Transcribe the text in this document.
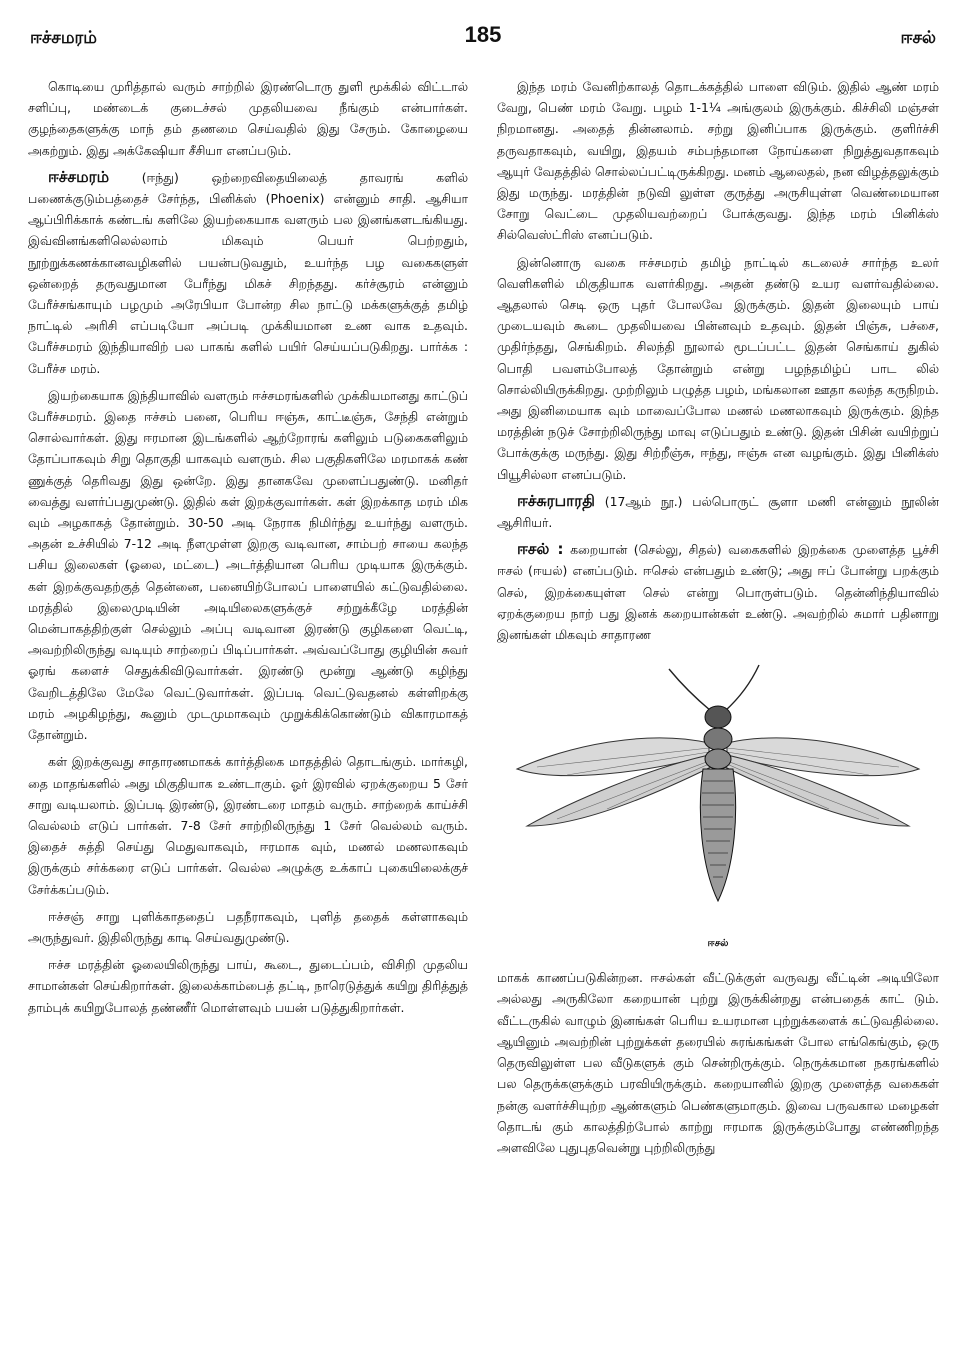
ஈச்சமரம்	185	ஈசல்

கொடியை முரித்தால் வரும் சாற்றில் இரண்டொரு துளி மூக்கில் விட்டால் சளிப்பு, மண்டைக் குடைச்சல் முதலியவை நீங்கும் என்பார்கள். குழந்தைகளுக்கு மாந் தம் தணமை செய்வதில் இது சேரும். கோழையை அகற்றும். இது அக்கேஷியா சீசியா எனப்படும்.

ஈச்சமரம் (ஈந்து) ஒற்றைவிதையிலைத் தாவரங் களில் பணைக்குடும்பத்தைச் சேர்ந்த, பினிக்ஸ் (Phoenix) என்னும் சாதி. ஆசியா ஆப்பிரிக்காக் கண்டங் களிலே இயற்கையாக வளரும் பல இனங்களடங்கியது. இவ்வினங்களிலெல்லாம் மிகவும் பெயர் பெற்றதும், நூற்றுக்கணக்கானவழிகளில் பயன்படுவதும், உயர்ந்த பழ வகைகளுள் ஒன்றைத் தருவதுமான பேரீந்து மிகச் சிறந்தது. கர்ச்சூரம் என்னும் பேரீச்சங்காயும் பழமும் அரேபியா போன்ற சில நாட்டு மக்களுக்குத் தமிழ் நாட்டில் அரிசி எப்படியோ அப்படி முக்கியமான உண வாக உதவும். பேரீச்சமரம் இந்தியாவிற் பல பாகங் களில் பயிர் செய்யப்படுகிறது. பார்க்க : பேரீச்ச மரம்.

இயற்கையாக இந்தியாவில் வளரும் ஈச்சமரங்களில் முக்கியமானது காட்டுப் பேரீச்சமரம். இதை ஈச்சம் பனை, பெரிய ஈஞ்சு, காட்டீஞ்சு, சேந்தி என்றும் சொல்வார்கள். இது ஈரமான இடங்களில் ஆற்றோரங் களிலும் படுகைகளிலும் தோப்பாகவும் சிறு தொகுதி யாகவும் வளரும். சில பகுதிகளிலே மரமாகக் கண் ணுக்குத் தெரிவது இது ஒன்றே. இது தானகவே முளைப்பதுண்டு. மனிதர் வைத்து வளர்ப்பதுமுண்டு. இதில் கள் இறக்குவார்கள். கள் இறக்காத மரம் மிக வும் அழகாகத் தோன்றும். 30-50 அடி நேராக நிமிர்ந்து உயர்ந்து வளரும். அதன் உச்சியில் 7-12 அடி நீளமுள்ள இறகு வடிவான, சாம்பற் சாயை கலந்த பசிய இலைகள் (ஓலை, மட்டை) அடர்த்தியான பெரிய முடியாக இருக்கும். கள் இறக்குவதற்குத் தென்னை, பனையிற்போலப் பாளையில் கட்டுவதில்லை. மரத்தில் இலைமுடியின் அடியிலைகளுக்குச் சற்றுக்கீழே மரத்தின் மென்பாகத்திற்குள் செல்லும் அப்பு வடிவான இரண்டு குழிகளை வெட்டி, அவற்றிலிருந்து வடியும் சாற்றைப் பிடிப்பார்கள். அவ்வப்போது குழியின் சுவர் ஓரங் களைச் செதுக்கிவிடுவார்கள். இரண்டு மூன்று ஆண்டு கழிந்து வேறிடத்திலே மேலே வெட்டுவார்கள். இப்படி வெட்டுவதனல் கள்ளிறக்கு மரம் அழகிழந்து, கூனும் முடமுமாகவும் முறுக்கிக்கொண்டும் விகாரமாகத் தோன்றும்.

கள் இறக்குவது சாதாரணமாகக் கார்த்திகை மாதத்தில் தொடங்கும். மார்கழி, தை மாதங்களில் அது மிகுதியாக உண்டாகும். ஓர் இரவில் ஏறக்குறைய 5 சேர் சாறு வடியலாம். இப்படி இரண்டு, இரண்டரை மாதம் வரும். சாற்றைக் காய்ச்சி வெல்லம் எடுப் பார்கள். 7-8 சேர் சாற்றிலிருந்து 1 சேர் வெல்லம் வரும். இதைச் சுத்தி செய்து மெதுவாகவும், ஈரமாக வும், மணல் மணலாகவும் இருக்கும் சர்க்கரை எடுப் பார்கள். வெல்ல அழுக்கு உக்காப் புகையிலைக்குச் சேர்க்கப்படும்.

ஈச்சஞ் சாறு புளிக்காததைப் பதநீராகவும், புளித் ததைக் கள்ளாகவும் அருந்துவர். இதிலிருந்து காடி செய்வதுமுண்டு.

ஈச்ச மரத்தின் ஓலையிலிருந்து பாய், கூடை, துடைப்பம், விசிறி முதலிய சாமான்கள் செய்கிறார்கள். இலைக்காம்பைத் தட்டி, நாரெடுத்துக் கயிறு திரித்துத் தாம்புக் கயிறுபோலத் தண்ணீர் மொள்ளவும் பயன் படுத்துகிறார்கள்.

இந்த மரம் வேனிற்காலத் தொடக்கத்தில் பாளை விடும். இதில் ஆண் மரம் வேறு, பெண் மரம் வேறு. பழம் 1-1¼ அங்குலம் இருக்கும். கிச்சிலி மஞ்சள் நிறமானது. அதைத் தின்னலாம். சற்று இனிப்பாக இருக்கும். குளிர்ச்சி தருவதாகவும், வயிறு, இதயம் சம்பந்தமான நோய்களை நிறுத்துவதாகவும் ஆயுர் வேதத்தில் சொல்லப்பட்டிருக்கிறது. மனம் ஆலைதல், நன விழத்தலுக்கும் இது மருந்து. மரத்தின் நடுவி லுள்ள குருத்து அருசியுள்ள வெண்மையான சோறு வெட்டை முதலியவற்றைப் போக்குவது. இந்த மரம் பினிக்ஸ் சில்வெஸ்ட்ரிஸ் எனப்படும்.

இன்னொரு வகை ஈச்சமரம் தமிழ் நாட்டில் கடலைச் சார்ந்த உலர் வெளிகளில் மிகுதியாக வளர்கிறது. அதன் தண்டு உயர வளர்வதில்லை. ஆதலால் செடி ஒரு புதர் போலவே இருக்கும். இதன் இலையும் பாய் முடையவும் கூடை முதலியவை பின்னவும் உதவும். இதன் பிஞ்சு, பச்சை, முதிர்ந்தது, செங்கிறம். சிலந்தி நூலால் மூடப்பட்ட இதன் செங்காய் துகில் பொதி பவளம்போலத் தோன்றும் என்று பழந்தமிழ்ப் பாட லில் சொல்லியிருக்கிறது. முற்றிலும் பழுத்த பழம், மங்கலான ஊதா கலந்த கருநிறம். அது இனிமையாக வும் மாவைப்போல மணல் மணலாகவும் இருக்கும். இந்த மரத்தின் நடுச் சோற்றிலிருந்து மாவு எடுப்பதும் உண்டு. இதன் பிசின் வயிற்றுப் போக்குக்கு மருந்து. இது சிற்றீஞ்சு, ஈந்து, ஈஞ்சு என வழங்கும். இது பினிக்ஸ் பியூசில்லா எனப்படும்.

ஈச்சுரபாரதி (17ஆம் நூ.) பல்பொருட் சூளா மணி என்னும் நூலின் ஆசிரியர்.

ஈசல் : கறையான் (செல்லு, சிதல்) வகைகளில் இறக்கை முளைத்த பூச்சி ஈசல் (ஈயல்) எனப்படும். ஈசெல் என்பதும் உண்டு; அது ஈப் போன்று பறக்கும் செல், இறக்கையுள்ள செல் என்று பொருள்படும். தென்னிந்தியாவில் ஏறக்குறைய நாற் பது இனக் கறையான்கள் உண்டு. அவற்றில் சுமார் பதினாறு இனங்கள் மிகவும் சாதாரண

ஈசல்

மாகக் காணப்படுகின்றன. ஈசல்கள் வீட்டுக்குள் வருவது வீட்டின் அடியிலோ அல்லது அருகிலோ கறையான் புற்று இருக்கின்றது என்பதைக் காட் டும். வீட்டருகில் வாழும் இனங்கள் பெரிய உயரமான புற்றுக்களைக் கட்டுவதில்லை. ஆயினும் அவற்றின் புற்றுக்கள் தரையில் சுரங்கங்கள் போல எங்கெங்கும், ஒரு தெருவிலுள்ள பல வீடுகளுக் கும் சென்றிருக்கும். நெருக்கமான நகரங்களில் பல தெருக்களுக்கும் பரவியிருக்கும். கறையானில் இறகு முளைத்த வகைகள் நன்கு வளர்ச்சியுற்ற ஆண்களும் பெண்களுமாகும். இவை பருவகால மழைகள் தொடங் கும் காலத்திற்போல் காற்று ஈரமாக இருக்கும்போது எண்ணிறந்த அளவிலே புதுபுதவென்று புற்றிலிருந்து
